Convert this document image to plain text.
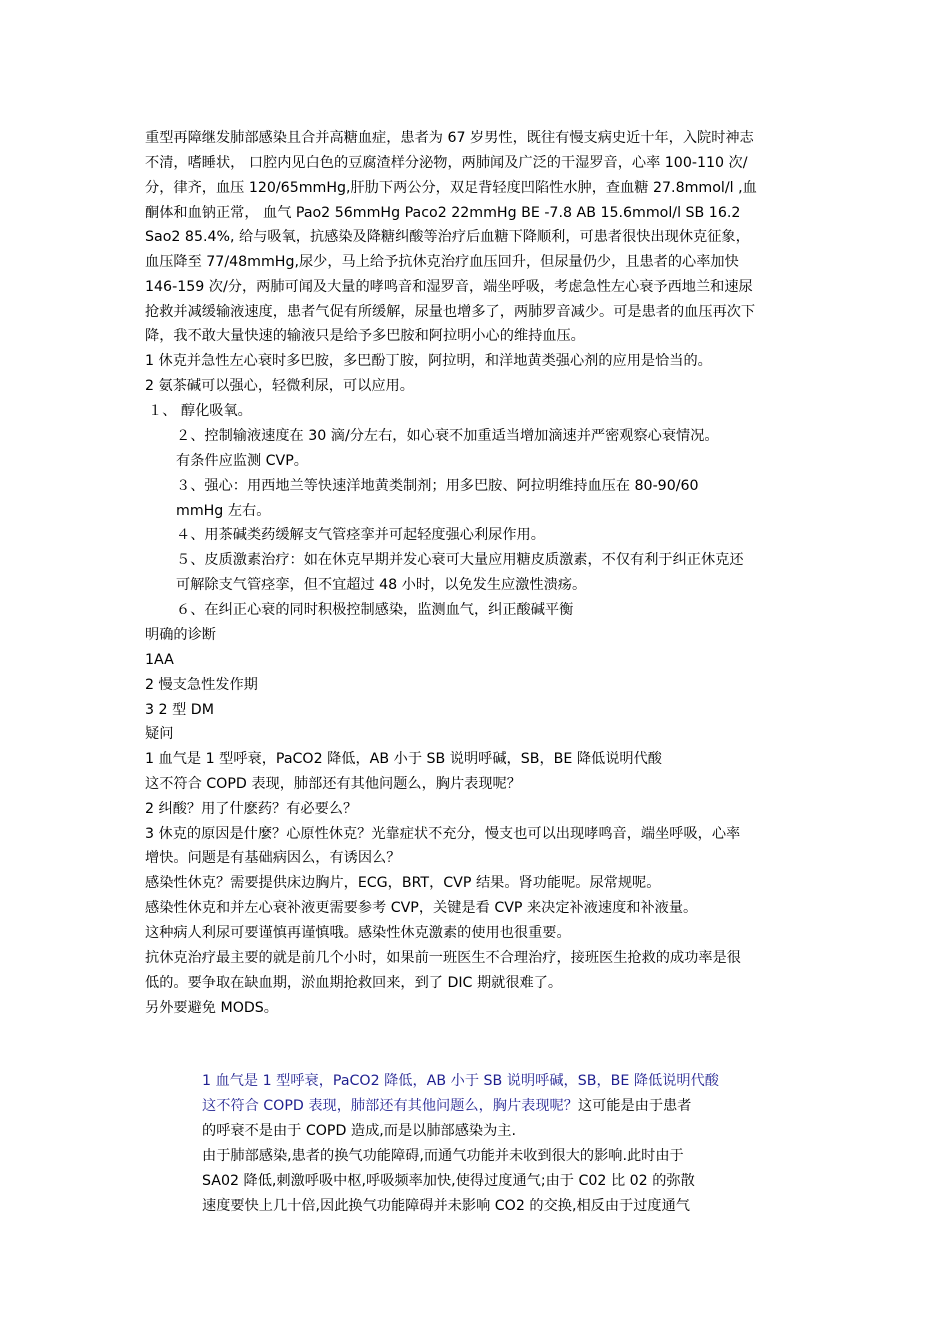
重型再障继发肺部感染且合并高糖血症，患者为 67 岁男性，既往有慢支病史近十年，入院时神志
不清，嗜睡状， 口腔内见白色的豆腐渣样分泌物，两肺闻及广泛的干湿罗音，心率 100-110 次/
分，律齐，血压 120/65mmHg,肝肋下两公分，双足背轻度凹陷性水肿，查血糖 27.8mmol/l ,血
酮体和血钠正常， 血气 Pao2 56mmHg Paco2 22mmHg BE -7.8 AB 15.6mmol/l SB 16.2
Sao2 85.4%, 给与吸氧，抗感染及降糖纠酸等治疗后血糖下降顺利，可患者很快出现休克征象，
血压降至 77/48mmHg,尿少，马上给予抗休克治疗血压回升，但尿量仍少，且患者的心率加快
146-159 次/分，两肺可闻及大量的哮鸣音和湿罗音，端坐呼吸，考虑急性左心衰予西地兰和速尿
抢救并减缓输液速度，患者气促有所缓解，尿量也增多了，两肺罗音减少。可是患者的血压再次下
降，我不敢大量快速的输液只是给予多巴胺和阿拉明小心的维持血压。
1 休克并急性左心衰时多巴胺，多巴酚丁胺，阿拉明，和洋地黄类强心剂的应用是恰当的。
2 氨茶碱可以强心，轻微利尿，可以应用。
１、 醇化吸氧。
２、控制输液速度在 30 滴/分左右，如心衰不加重适当增加滴速并严密观察心衰情况。
有条件应监测 CVP。
３、强心：用西地兰等快速洋地黄类制剂；用多巴胺、阿拉明维持血压在 80-90/60
mmHg 左右。
４、用茶碱类药缓解支气管痉挛并可起轻度强心利尿作用。
５、皮质激素治疗：如在休克早期并发心衰可大量应用糖皮质激素，不仅有利于纠正休克还
可解除支气管痉挛，但不宜超过 48 小时，以免发生应激性溃疡。
６、在纠正心衰的同时积极控制感染，监测血气，纠正酸碱平衡
明确的诊断
1AA
2 慢支急性发作期
3 2 型 DM
疑问
1 血气是 1 型呼衰，PaCO2 降低，AB 小于 SB 说明呼碱，SB，BE 降低说明代酸
这不符合 COPD 表现，肺部还有其他问题么，胸片表现呢？
2 纠酸？用了什麽药？有必要么？
3 休克的原因是什麼？心原性休克？光靠症状不充分，慢支也可以出现哮鸣音，端坐呼吸，心率
增快。问题是有基础病因么，有诱因么？
感染性休克？需要提供床边胸片，ECG，BRT，CVP 结果。肾功能呢。尿常规呢。
感染性休克和并左心衰补液更需要参考 CVP，关键是看 CVP 来决定补液速度和补液量。
这种病人利尿可要谨慎再谨慎哦。感染性休克激素的使用也很重要。
抗休克治疗最主要的就是前几个小时，如果前一班医生不合理治疗，接班医生抢救的成功率是很
低的。要争取在缺血期，淤血期抢救回来，到了 DIC 期就很难了。
另外要避免 MODS。
1 血气是 1 型呼衰，PaCO2 降低，AB 小于 SB 说明呼碱，SB，BE 降低说明代酸
这不符合 COPD 表现，肺部还有其他问题么，胸片表现呢？这可能是由于患者
的呼衰不是由于 COPD 造成,而是以肺部感染为主.
由于肺部感染,患者的换气功能障碍,而通气功能并未收到很大的影响.此时由于
SA02 降低,刺激呼吸中枢,呼吸频率加快,使得过度通气;由于 C02 比 02 的弥散
速度要快上几十倍,因此换气功能障碍并未影响 CO2 的交换,相反由于过度通气
